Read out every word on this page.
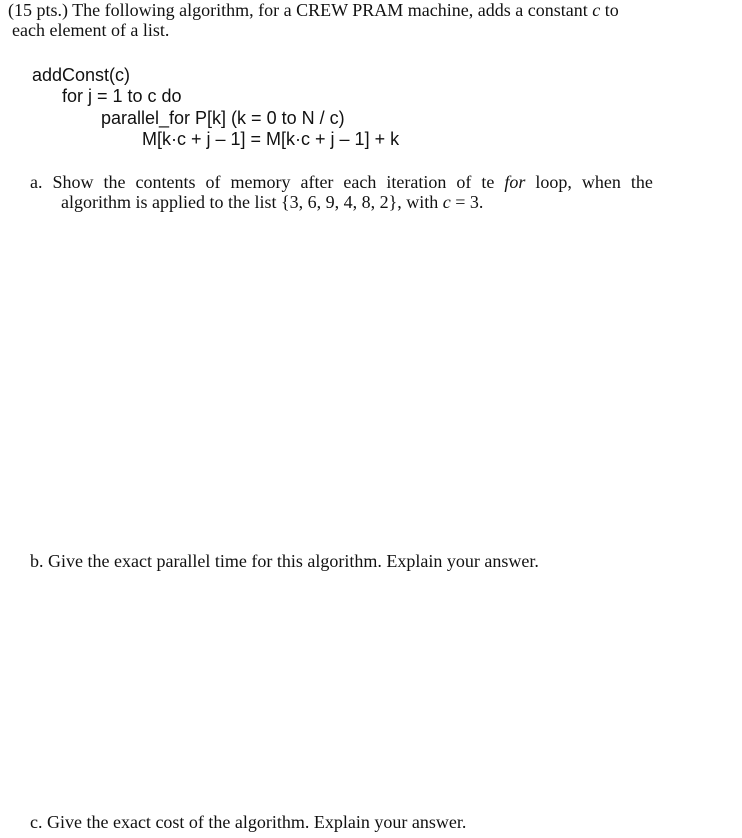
(15 pts.) The following algorithm, for a CREW PRAM machine, adds a constant c to
each element of a list.
addConst(c)
for j = 1 to c do
parallel_for P[k] (k = 0 to N / c)
M[k·c + j – 1] = M[k·c + j – 1] + k
a. Show the contents of memory after each iteration of te for loop, when the
algorithm is applied to the list {3, 6, 9, 4, 8, 2}, with c = 3.
b. Give the exact parallel time for this algorithm. Explain your answer.
c. Give the exact cost of the algorithm. Explain your answer.
